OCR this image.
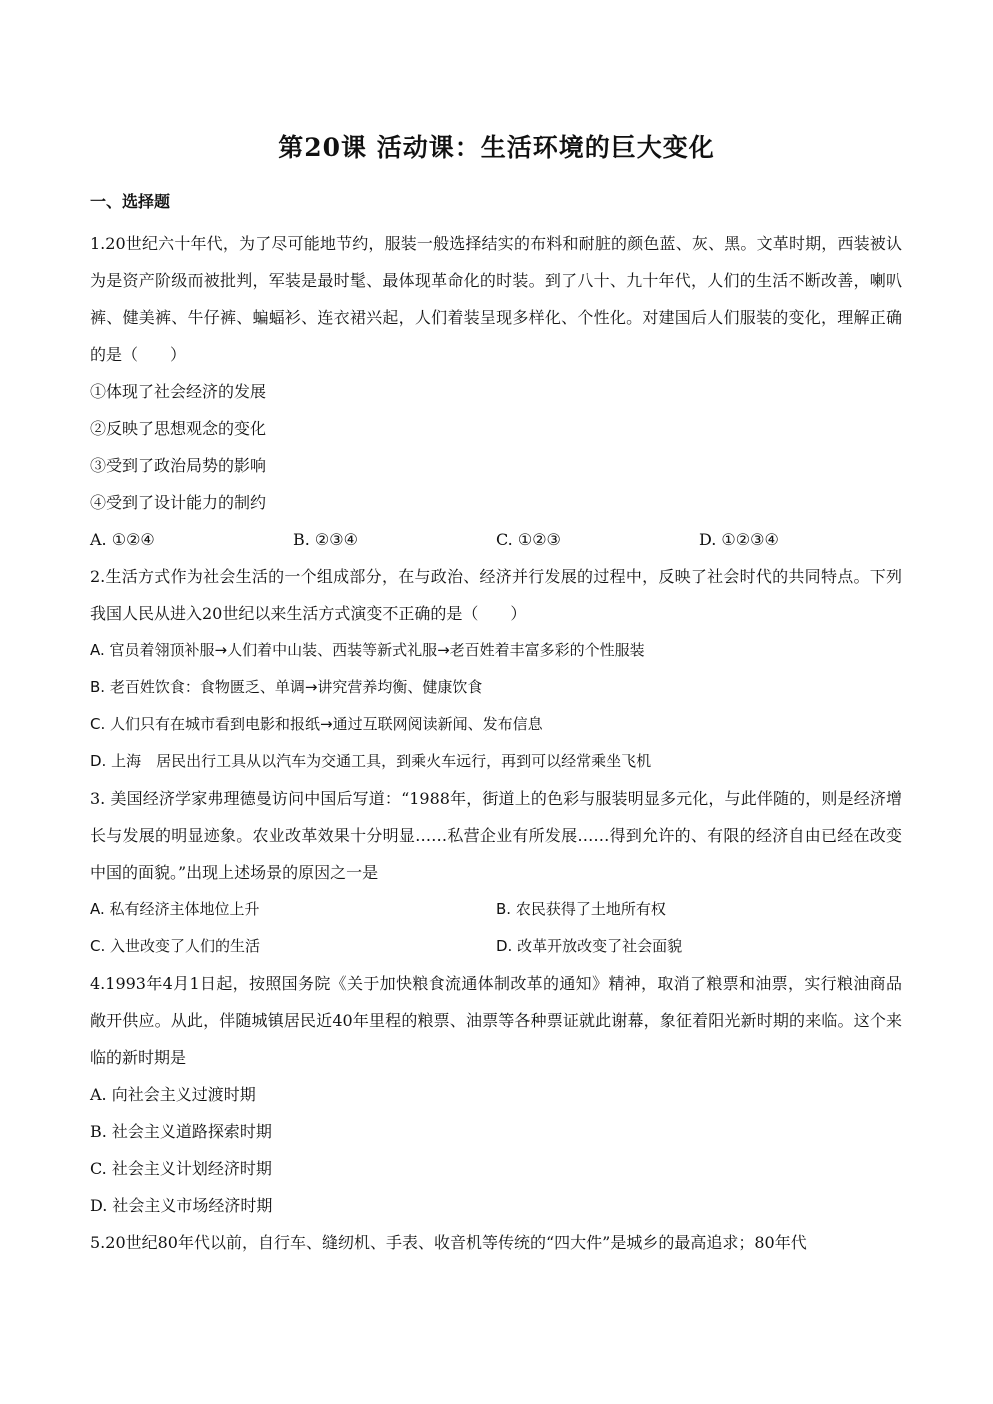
第20课 活动课：生活环境的巨大变化
一、选择题

1.20世纪六十年代，为了尽可能地节约，服装一般选择结实的布料和耐脏的颜色蓝、灰、黑。文革时期，西装被认为是资产阶级而被批判，军装是最时髦、最体现革命化的时装。到了八十、九十年代，人们的生活不断改善，喇叭裤、健美裤、牛仔裤、蝙蝠衫、连衣裙兴起，人们着装呈现多样化、个性化。对建国后人们服装的变化，理解正确的是（　　）

①体现了社会经济的发展

②反映了思想观念的变化

③受到了政治局势的影响

④受到了设计能力的制约

A. ①②④	B. ②③④	C. ①②③	D. ①②③④

2.生活方式作为社会生活的一个组成部分，在与政治、经济并行发展的过程中，反映了社会时代的共同特点。下列我国人民从进入20世纪以来生活方式演变不正确的是（　　）

A. 官员着翎顶补服→人们着中山装、西装等新式礼服→老百姓着丰富多彩的个性服装

B. 老百姓饮食：食物匮乏、单调→讲究营养均衡、健康饮食

C. 人们只有在城市看到电影和报纸→通过互联网阅读新闻、发布信息

D. 上海　居民出行工具从以汽车为交通工具，到乘火车远行，再到可以经常乘坐飞机

3. 美国经济学家弗理德曼访问中国后写道：“1988年，街道上的色彩与服装明显多元化，与此伴随的，则是经济增长与发展的明显迹象。农业改革效果十分明显……私营企业有所发展……得到允许的、有限的经济自由已经在改变中国的面貌。”出现上述场景的原因之一是

A. 私有经济主体地位上升	B. 农民获得了土地所有权
C. 入世改变了人们的生活	D. 改革开放改变了社会面貌

4.1993年4月1日起，按照国务院《关于加快粮食流通体制改革的通知》精神，取消了粮票和油票，实行粮油商品敞开供应。从此，伴随城镇居民近40年里程的粮票、油票等各种票证就此谢幕，象征着阳光新时期的来临。这个来临的新时期是

A. 向社会主义过渡时期

B. 社会主义道路探索时期

C. 社会主义计划经济时期

D. 社会主义市场经济时期

5.20世纪80年代以前，自行车、缝纫机、手表、收音机等传统的“四大件”是城乡的最高追求；80年代
